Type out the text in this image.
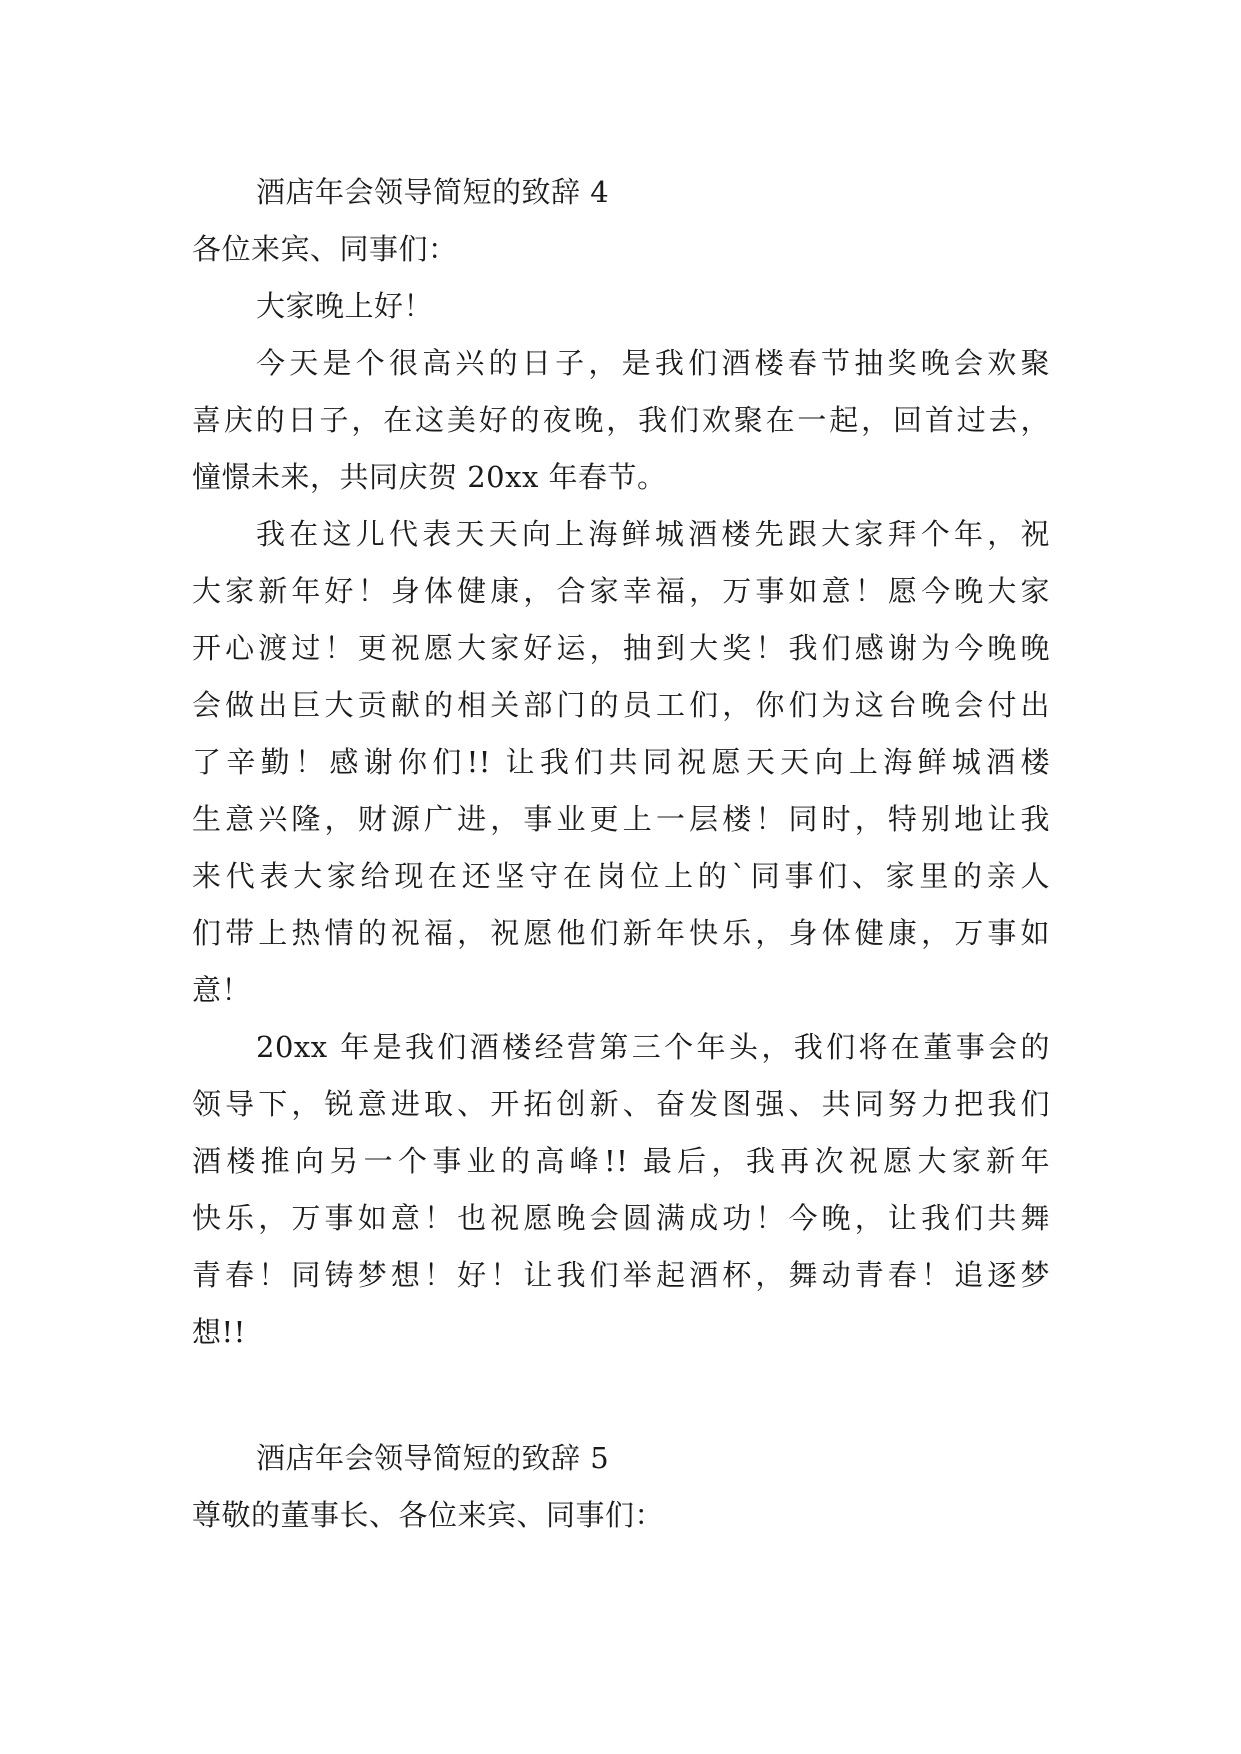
酒店年会领导简短的致辞 4
各位来宾、同事们：
大家晚上好！
今天是个很高兴的日子，是我们酒楼春节抽奖晚会欢聚
喜庆的日子，在这美好的夜晚，我们欢聚在一起，回首过去，
憧憬未来，共同庆贺 20xx 年春节。
我在这儿代表天天向上海鲜城酒楼先跟大家拜个年，祝
大家新年好！身体健康，合家幸福，万事如意！愿今晚大家
开心渡过！更祝愿大家好运，抽到大奖！我们感谢为今晚晚
会做出巨大贡献的相关部门的员工们，你们为这台晚会付出
了辛勤！感谢你们!! 让我们共同祝愿天天向上海鲜城酒楼
生意兴隆，财源广进，事业更上一层楼！同时，特别地让我
来代表大家给现在还坚守在岗位上的`同事们、家里的亲人
们带上热情的祝福，祝愿他们新年快乐，身体健康，万事如
意！
20xx 年是我们酒楼经营第三个年头，我们将在董事会的
领导下，锐意进取、开拓创新、奋发图强、共同努力把我们
酒楼推向另一个事业的高峰!! 最后，我再次祝愿大家新年
快乐，万事如意！也祝愿晚会圆满成功！今晚，让我们共舞
青春！同铸梦想！好！让我们举起酒杯，舞动青春！追逐梦
想!!
酒店年会领导简短的致辞 5
尊敬的董事长、各位来宾、同事们：
